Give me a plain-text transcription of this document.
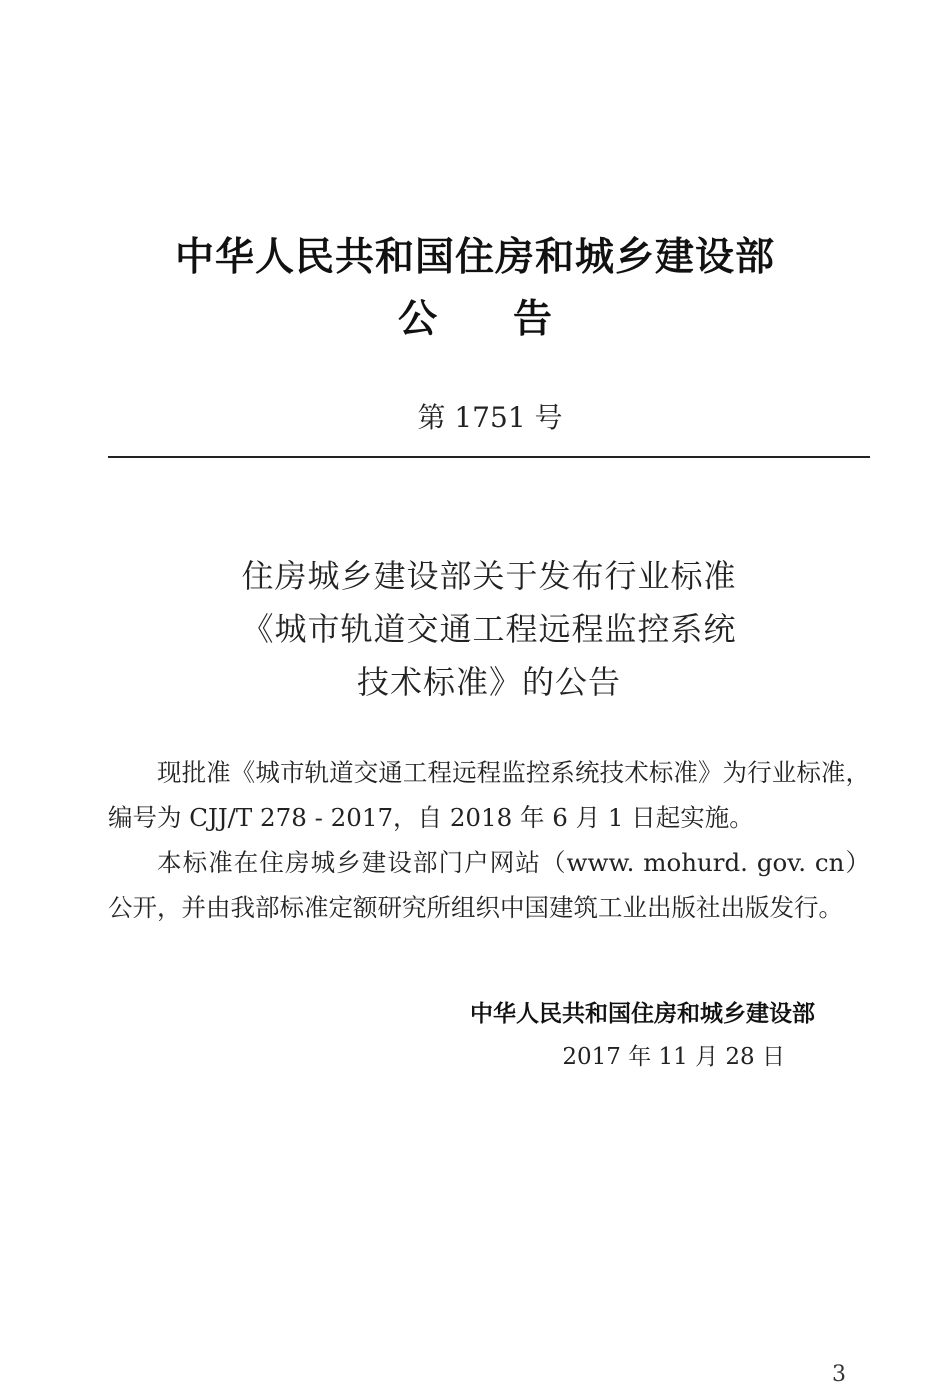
中华人民共和国住房和城乡建设部
公 告
第 1751 号
住房城乡建设部关于发布行业标准
《城市轨道交通工程远程监控系统
技术标准》的公告

现批准《城市轨道交通工程远程监控系统技术标准》为行业标准，编号为 CJJ/T 278 - 2017，自 2018 年 6 月 1 日起实施。

本标准在住房城乡建设部门户网站（www. mohurd. gov. cn）公开，并由我部标准定额研究所组织中国建筑工业出版社出版发行。

中华人民共和国住房和城乡建设部
2017 年 11 月 28 日
3
